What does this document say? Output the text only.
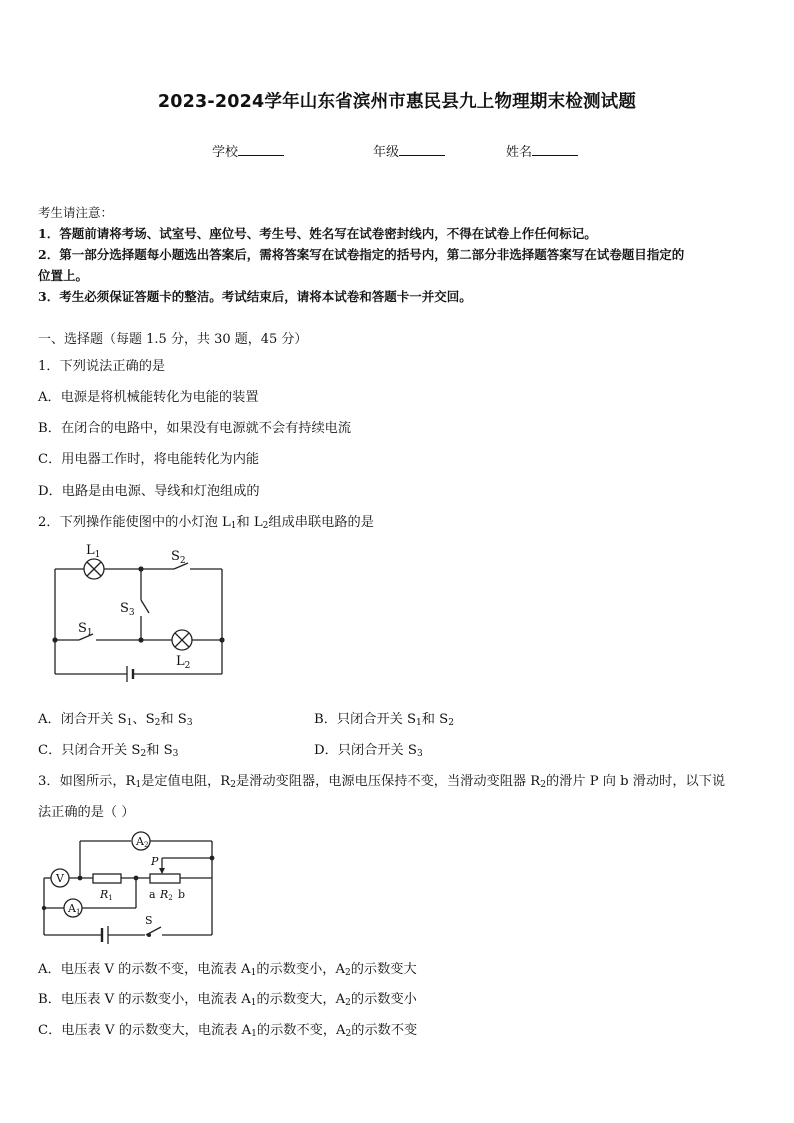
2023-2024学年山东省滨州市惠民县九上物理期末检测试题
学校	年级	姓名
考生请注意：
1．答题前请将考场、试室号、座位号、考生号、姓名写在试卷密封线内，不得在试卷上作任何标记。
2．第一部分选择题每小题选出答案后，需将答案写在试卷指定的括号内，第二部分非选择题答案写在试卷题目指定的
位置上。
3．考生必须保证答题卡的整洁。考试结束后，请将本试卷和答题卡一并交回。
一、选择题（每题 1.5 分，共 30 题，45 分）
1．下列说法正确的是
A．电源是将机械能转化为电能的装置
B．在闭合的电路中，如果没有电源就不会有持续电流
C．用电器工作时，将电能转化为内能
D．电路是由电源、导线和灯泡组成的
2．下列操作能使图中的小灯泡 $L_1$和 $L_2$组成串联电路的是
$L_1$	$S_2$
$S_3$
$S_1$
$L_2$
A．闭合开关 $S_1$、$S_2$和 $S_3$	B．只闭合开关 $S_1$和 $S_2$
C．只闭合开关 $S_2$和 $S_3$	D．只闭合开关 $S_3$
3．如图所示，$R_1$是定值电阻，$R_2$是滑动变阻器，电源电压保持不变，当滑动变阻器 $R_2$的滑片 P 向 b 滑动时，以下说
法正确的是（ ）
A2
V
A1
R1
P
a R2 b
S
A．电压表 V 的示数不变，电流表 $A_1$的示数变小，$A_2$的示数变大
B．电压表 V 的示数变小，电流表 $A_1$的示数变大，$A_2$的示数变小
C．电压表 V 的示数变大，电流表 $A_1$的示数不变，$A_2$的示数不变
